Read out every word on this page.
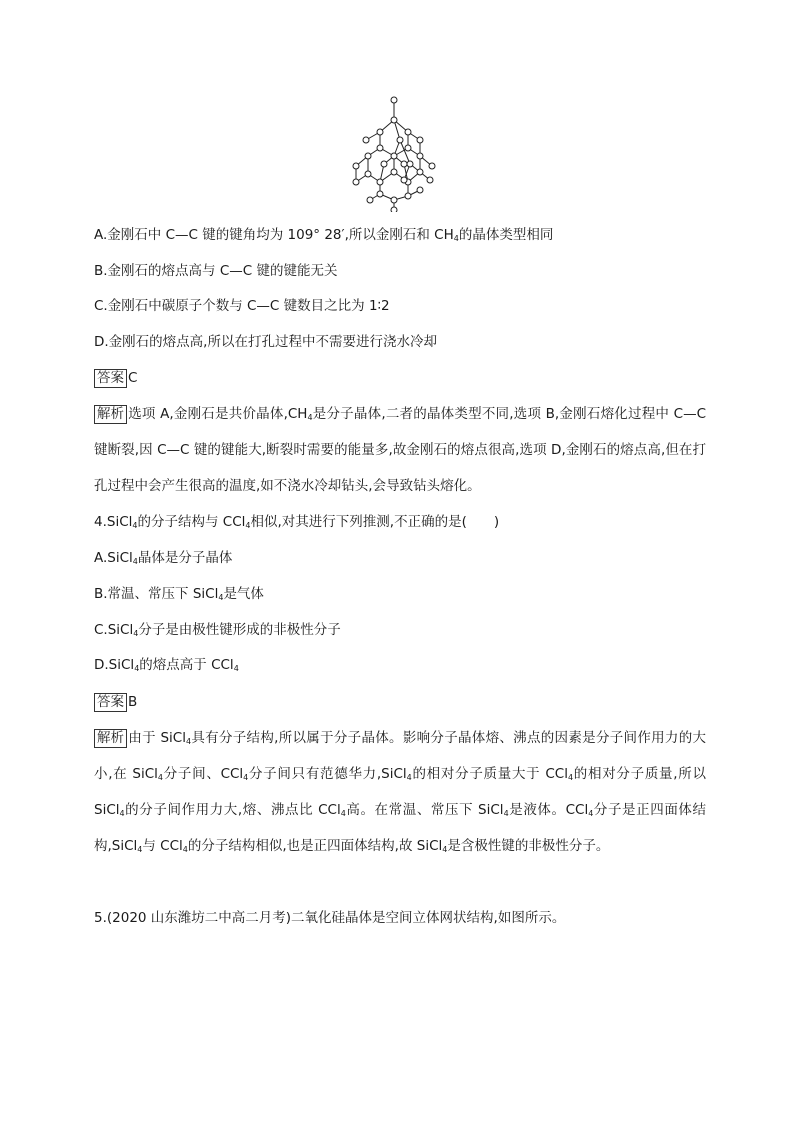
A.金刚石中 C—C 键的键角均为 109° 28′,所以金刚石和 $CH_4$的晶体类型相同
B.金刚石的熔点高与 C—C 键的键能无关
C.金刚石中碳原子个数与 C—C 键数目之比为 1∶2
D.金刚石的熔点高,所以在打孔过程中不需要进行浇水冷却
答案 C
解析 选项 A,金刚石是共价晶体$,CH_4$是分子晶体,二者的晶体类型不同,选项 B,金刚石熔化过程中 C—C 键断裂,因 C—C 键的键能大,断裂时需要的能量多,故金刚石的熔点很高,选项 D,金刚石的熔点高,但在打孔过程中会产生很高的温度,如不浇水冷却钻头,会导致钻头熔化。
4.SiCl$_4$的分子结构与 CCl$_4$相似,对其进行下列推测,不正确的是(　　)
A.SiCl$_4$晶体是分子晶体
B.常温、常压下 SiCl$_4$是气体
C.SiCl$_4$分子是由极性键形成的非极性分子
D.SiCl$_4$的熔点高于 CCl$_4$
答案 B
解析 由于 SiCl$_4$具有分子结构,所以属于分子晶体。影响分子晶体熔、沸点的因素是分子间作用力的大小,在 SiCl$_4$分子间、CCl$_4$分子间只有范德华力,SiCl$_4$的相对分子质量大于 CCl$_4$的相对分子质量,所以 SiCl$_4$的分子间作用力大,熔、沸点比 CCl$_4$高。在常温、常压下 SiCl$_4$是液体。CCl$_4$分子是正四面体结构,SiCl$_4$与 CCl$_4$的分子结构相似,也是正四面体结构,故 SiCl$_4$是含极性键的非极性分子。
5.(2020 山东潍坊二中高二月考)二氧化硅晶体是空间立体网状结构,如图所示。
